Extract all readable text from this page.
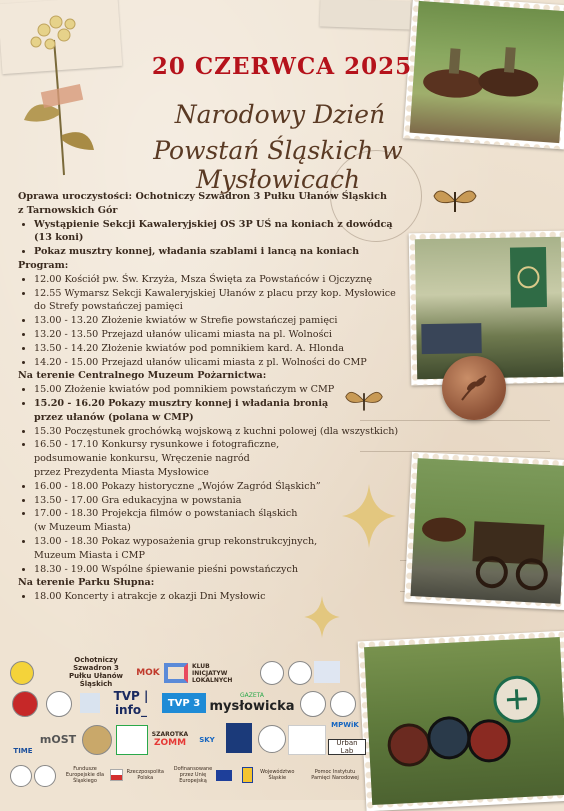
20 CZERWCA 2025
Narodowy Dzień
Powstań Śląskich w Mysłowicach

Oprawa uroczystości: Ochotniczy Szwadron 3 Pułku Ułanów Śląskich

z Tarnowskich Gór

• Wystąpienie Sekcji Kawaleryjskiej OS 3P UŚ na koniach z dowódcą (13 koni)
• Pokaz musztry konnej, władania szablami i lancą na koniach

Program:

• 12.00 Kościół pw. Św. Krzyża, Msza Święta za Powstańców i Ojczyznę
• 12.55 Wymarsz Sekcji Kawaleryjskiej Ułanów z placu przy kop. Mysłowice
do Strefy powstańczej pamięci
• 13.00 - 13.20 Złożenie kwiatów w Strefie powstańczej pamięci
• 13.20 - 13.50 Przejazd ułanów ulicami miasta na pl. Wolności
• 13.50 - 14.20 Złożenie kwiatów pod pomnikiem kard. A. Hlonda
• 14.20 - 15.00 Przejazd ułanów ulicami miasta z pl. Wolności do CMP

Na terenie Centralnego Muzeum Pożarnictwa:

• 15.00 Złożenie kwiatów pod pomnikiem powstańczym w CMP
• 15.20 - 16.20 Pokazy musztry konnej i władania bronią
przez ułanów (polana w CMP)
• 15.30 Poczęstunek grochówką wojskową z kuchni polowej (dla wszystkich)
• 16.50 - 17.10 Konkursy rysunkowe i fotograficzne,
podsumowanie konkursu, Wręczenie nagród
przez Prezydenta Miasta Mysłowice
• 16.00 - 18.00 Pokazy historyczne „Wojów Zagród Śląskich”
• 13.50 - 17.00 Gra edukacyjna w powstania
• 17.00 - 18.30 Projekcja filmów o powstaniach śląskich
(w Muzeum Miasta)
• 13.00 - 18.30 Pokaz wyposażenia grup rekonstrukcyjnych,
Muzeum Miasta i CMP
• 18.30 - 19.00 Wspólne śpiewanie pieśni powstańczych

Na terenie Parku Słupna:

• 18.00 Koncerty i atrakcje z okazji Dni Mysłowic
Ochotniczy Szwadron 3 Pułku Ułanów Śląskich
MOK
KLUB INICJATYW LOKALNYCH
TVP | info_	TVP 3
GAZETA
mysłowicka
TIME
mOST	SZAROTKA
ZOMM	SKY
MPWiK
Urban Lab
Fundusze Europejskie dla Śląskiego
Rzeczpospolita Polska
Dofinansowane przez Unię Europejską
Województwo Śląskie
Pomoc Instytutu Pamięci Narodowej
